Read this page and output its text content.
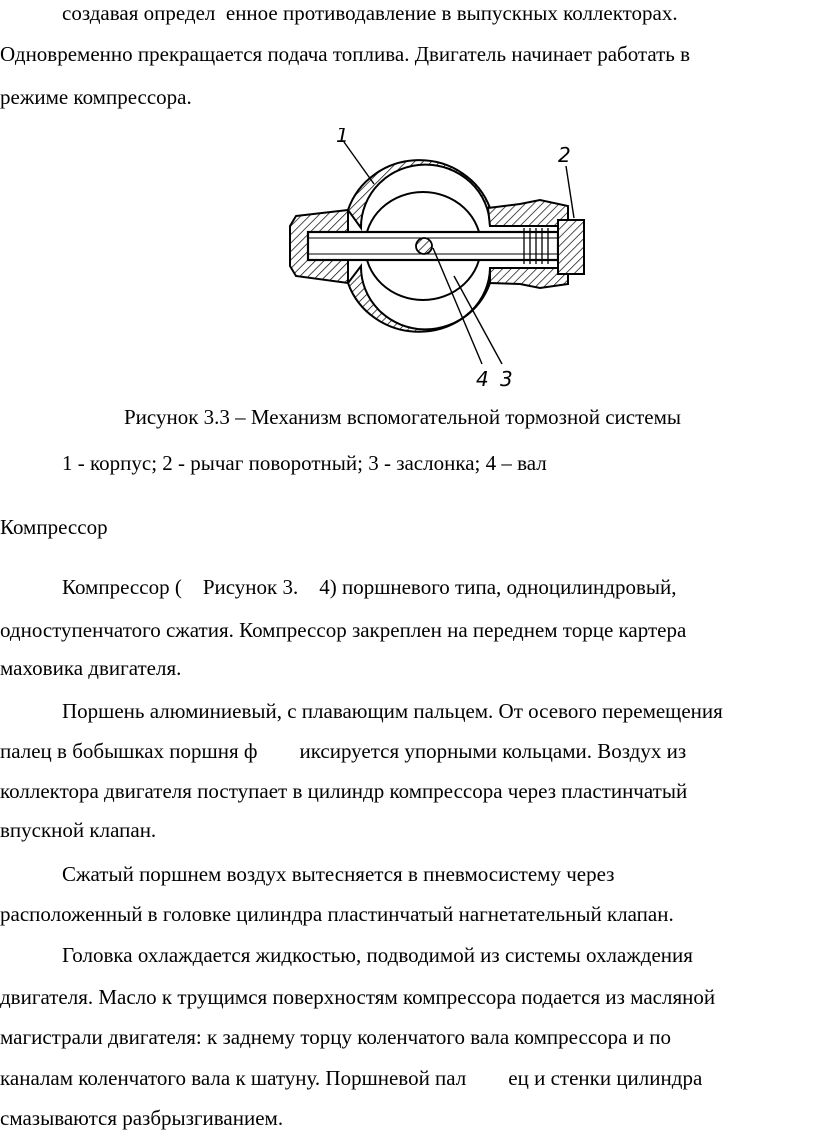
создавая определ  енное противодавление в выпускных коллекторах.
Одновременно прекращается подача топлива. Двигатель начинает работать в
режиме компрессора.
1
2
4 3
Рисунок 3.3 – Механизм вспомогательной тормозной системы
1 - корпус; 2 - рычаг поворотный; 3 - заслонка; 4 – вал
Компрессор
Компрессор (    Рисунок 3.    4) поршневого типа, одноцилиндровый,
одноступенчатого сжатия. Компрессор закреплен на переднем торце картера
маховика двигателя.
Поршень алюминиевый, с плавающим пальцем. От осевого перемещения
палец в бобышках поршня ф        иксируется упорными кольцами. Воздух из
коллектора двигателя поступает в цилиндр компрессора через пластинчатый
впускной клапан.
Сжатый поршнем воздух вытесняется в пневмосистему через
расположенный в головке цилиндра пластинчатый нагнетательный клапан.
Головка охлаждается жидкостью, подводимой из системы охлаждения
двигателя. Масло к трущимся поверхностям компрессора подается из масляной
магистрали двигателя: к заднему торцу коленчатого вала компрессора и по
каналам коленчатого вала к шатуну. Поршневой пал        ец и стенки цилиндра
смазываются разбрызгиванием.
